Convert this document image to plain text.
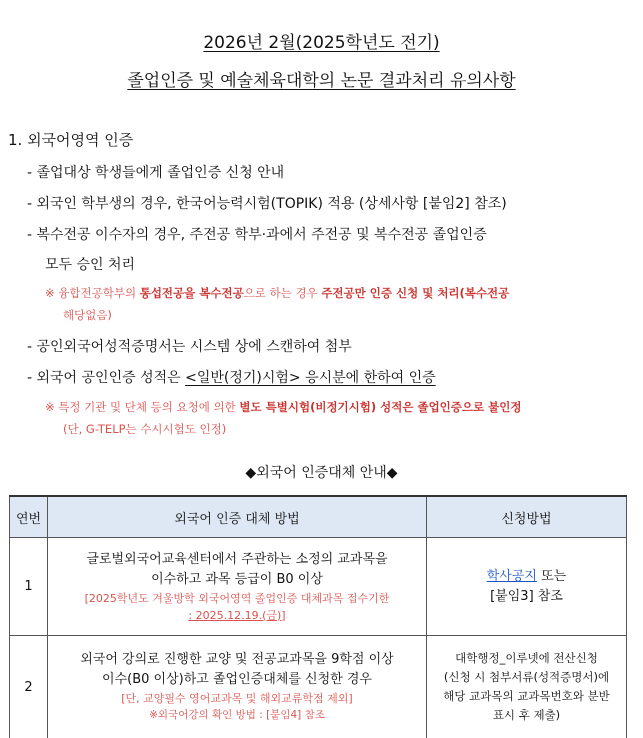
2026년 2월(2025학년도 전기)
졸업인증 및 예술체육대학의 논문 결과처리 유의사항
1. 외국어영역 인증
- 졸업대상 학생들에게 졸업인증 신청 안내
- 외국인 학부생의 경우, 한국어능력시험(TOPIK) 적용 (상세사항 [붙임2] 참조)
- 복수전공 이수자의 경우, 주전공 학부·과에서 주전공 및 복수전공 졸업인증
모두 승인 처리
※ 융합전공학부의 통섭전공을 복수전공으로 하는 경우 주전공만 인증 신청 및 처리(복수전공
해당없음)
- 공인외국어성적증명서는 시스템 상에 스캔하여 첨부
- 외국어 공인인증 성적은 <일반(정기)시험> 응시분에 한하여 인증
※ 특정 기관 및 단체 등의 요청에 의한 별도 특별시험(비정기시험) 성적은 졸업인증으로 불인정
(단, G-TELP는 수시시험도 인정)
◆외국어 인증대체 안내◆
연번	외국어 인증 대체 방법	신청방법
1	글로벌외국어교육센터에서 주관하는 소정의 교과목을
이수하고 과목 등급이 B0 이상
[2025학년도 겨울방학 외국어영역 졸업인증 대체과목 접수기한
: 2025.12.19.(금)]	학사공지 또는
[붙임3] 참조

2	외국어 강의로 진행한 교양 및 전공교과목을 9학점 이상
이수(B0 이상)하고 졸업인증대체를 신청한 경우
[단, 교양필수 영어교과목 및 해외교류학점 제외]
※외국어강의 확인 방법 : [붙임4] 참조	대학행정_이루넷에 전산신청
(신청 시 첨부서류(성적증명서)에
해당 교과목의 교과목번호와 분반
표시 후 제출)
